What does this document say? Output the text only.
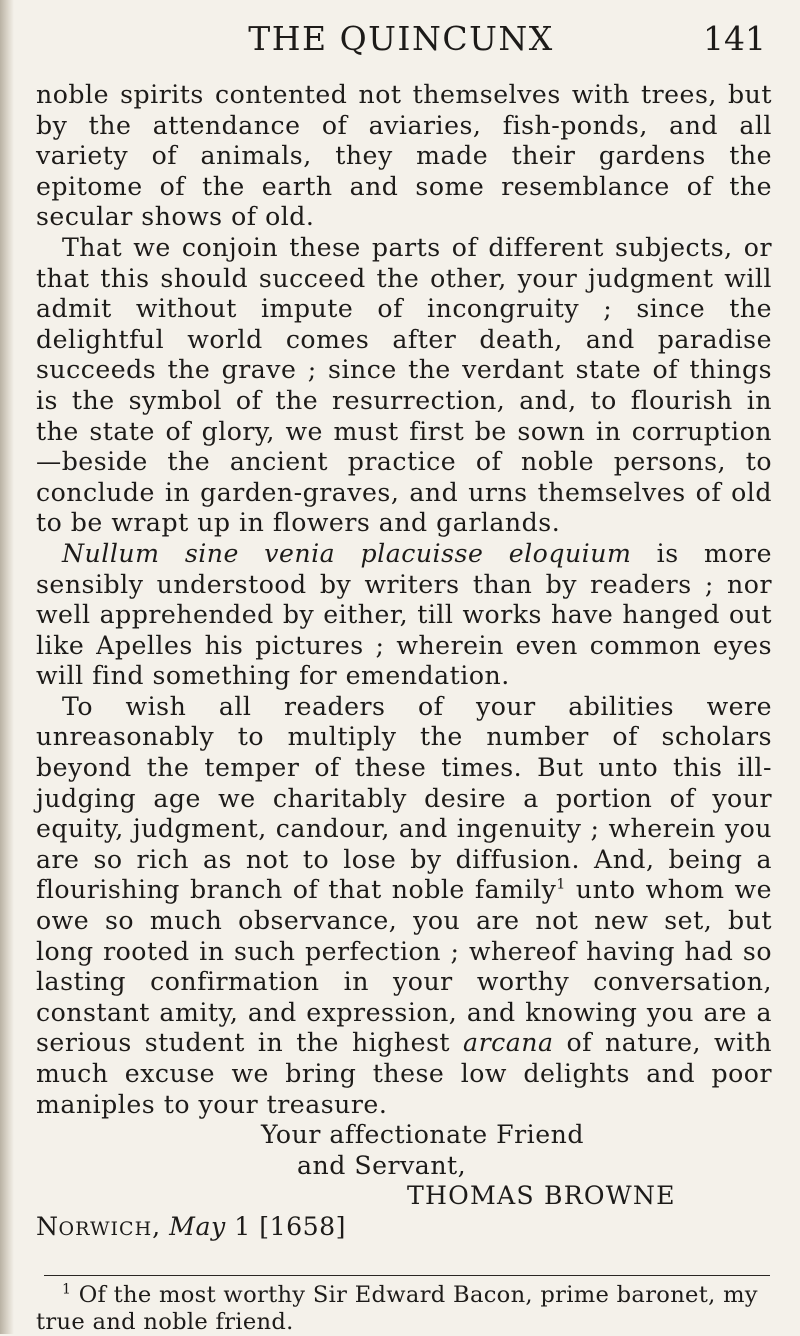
THE QUINCUNX	141

noble spirits contented not themselves with trees, but by the attendance of aviaries, fish-ponds, and all variety of animals, they made their gardens the epitome of the earth and some resemblance of the secular shows of old.

That we conjoin these parts of different subjects, or that this should succeed the other, your judgment will admit without impute of incongruity ; since the delightful world comes after death, and paradise succeeds the grave ; since the verdant state of things is the symbol of the resurrection, and, to flourish in the state of glory, we must first be sown in corruption—beside the ancient practice of noble persons, to conclude in garden-graves, and urns themselves of old to be wrapt up in flowers and garlands.

Nullum sine venia placuisse eloquium is more sensibly understood by writers than by readers ; nor well apprehended by either, till works have hanged out like Apelles his pictures ; wherein even common eyes will find something for emendation.

To wish all readers of your abilities were unreasonably to multiply the number of scholars beyond the temper of these times. But unto this ill-judging age we charitably desire a portion of your equity, judgment, candour, and ingenuity ; wherein you are so rich as not to lose by diffusion. And, being a flourishing branch of that noble family$^1$ unto whom we owe so much observance, you are not new set, but long rooted in such perfection ; whereof having had so lasting confirmation in your worthy conversation, constant amity, and expression, and knowing you are a serious student in the highest arcana of nature, with much excuse we bring these low delights and poor maniples to your treasure.

Your affectionate Friend

and Servant,

THOMAS BROWNE

NORWICH, May 1 [1658]

$^1$ Of the most worthy Sir Edward Bacon, prime baronet, my true and noble friend.
